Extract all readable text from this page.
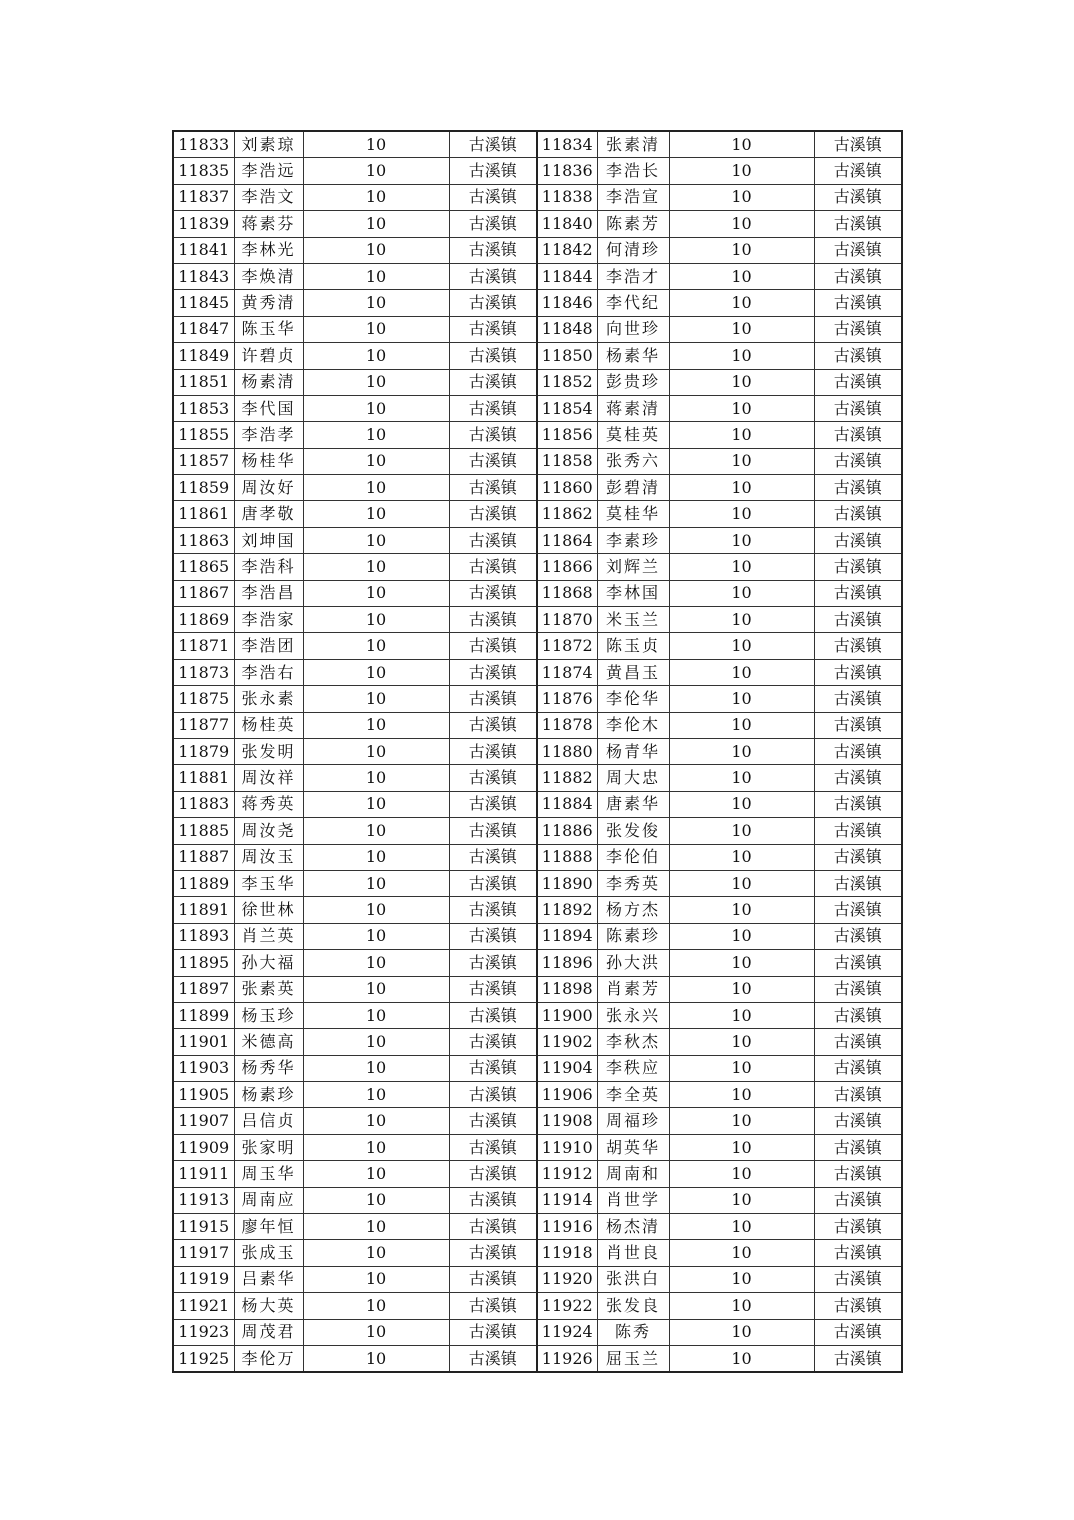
11833	刘素琼	10	古溪镇	11834	张素清	10	古溪镇
11835	李浩远	10	古溪镇	11836	李浩长	10	古溪镇
11837	李浩文	10	古溪镇	11838	李浩宣	10	古溪镇
11839	蒋素芬	10	古溪镇	11840	陈素芳	10	古溪镇
11841	李林光	10	古溪镇	11842	何清珍	10	古溪镇
11843	李焕清	10	古溪镇	11844	李浩才	10	古溪镇
11845	黄秀清	10	古溪镇	11846	李代纪	10	古溪镇
11847	陈玉华	10	古溪镇	11848	向世珍	10	古溪镇
11849	许碧贞	10	古溪镇	11850	杨素华	10	古溪镇
11851	杨素清	10	古溪镇	11852	彭贵珍	10	古溪镇
11853	李代国	10	古溪镇	11854	蒋素清	10	古溪镇
11855	李浩孝	10	古溪镇	11856	莫桂英	10	古溪镇
11857	杨桂华	10	古溪镇	11858	张秀六	10	古溪镇
11859	周汝好	10	古溪镇	11860	彭碧清	10	古溪镇
11861	唐孝敬	10	古溪镇	11862	莫桂华	10	古溪镇
11863	刘坤国	10	古溪镇	11864	李素珍	10	古溪镇
11865	李浩科	10	古溪镇	11866	刘辉兰	10	古溪镇
11867	李浩昌	10	古溪镇	11868	李林国	10	古溪镇
11869	李浩家	10	古溪镇	11870	米玉兰	10	古溪镇
11871	李浩团	10	古溪镇	11872	陈玉贞	10	古溪镇
11873	李浩右	10	古溪镇	11874	黄昌玉	10	古溪镇
11875	张永素	10	古溪镇	11876	李伦华	10	古溪镇
11877	杨桂英	10	古溪镇	11878	李伦木	10	古溪镇
11879	张发明	10	古溪镇	11880	杨青华	10	古溪镇
11881	周汝祥	10	古溪镇	11882	周大忠	10	古溪镇
11883	蒋秀英	10	古溪镇	11884	唐素华	10	古溪镇
11885	周汝尧	10	古溪镇	11886	张发俊	10	古溪镇
11887	周汝玉	10	古溪镇	11888	李伦伯	10	古溪镇
11889	李玉华	10	古溪镇	11890	李秀英	10	古溪镇
11891	徐世林	10	古溪镇	11892	杨方杰	10	古溪镇
11893	肖兰英	10	古溪镇	11894	陈素珍	10	古溪镇
11895	孙大福	10	古溪镇	11896	孙大洪	10	古溪镇
11897	张素英	10	古溪镇	11898	肖素芳	10	古溪镇
11899	杨玉珍	10	古溪镇	11900	张永兴	10	古溪镇
11901	米德高	10	古溪镇	11902	李秋杰	10	古溪镇
11903	杨秀华	10	古溪镇	11904	李秩应	10	古溪镇
11905	杨素珍	10	古溪镇	11906	李全英	10	古溪镇
11907	吕信贞	10	古溪镇	11908	周福珍	10	古溪镇
11909	张家明	10	古溪镇	11910	胡英华	10	古溪镇
11911	周玉华	10	古溪镇	11912	周南和	10	古溪镇
11913	周南应	10	古溪镇	11914	肖世学	10	古溪镇
11915	廖年恒	10	古溪镇	11916	杨杰清	10	古溪镇
11917	张成玉	10	古溪镇	11918	肖世良	10	古溪镇
11919	吕素华	10	古溪镇	11920	张洪白	10	古溪镇
11921	杨大英	10	古溪镇	11922	张发良	10	古溪镇
11923	周茂君	10	古溪镇	11924	陈秀	10	古溪镇
11925	李伦万	10	古溪镇	11926	屈玉兰	10	古溪镇
